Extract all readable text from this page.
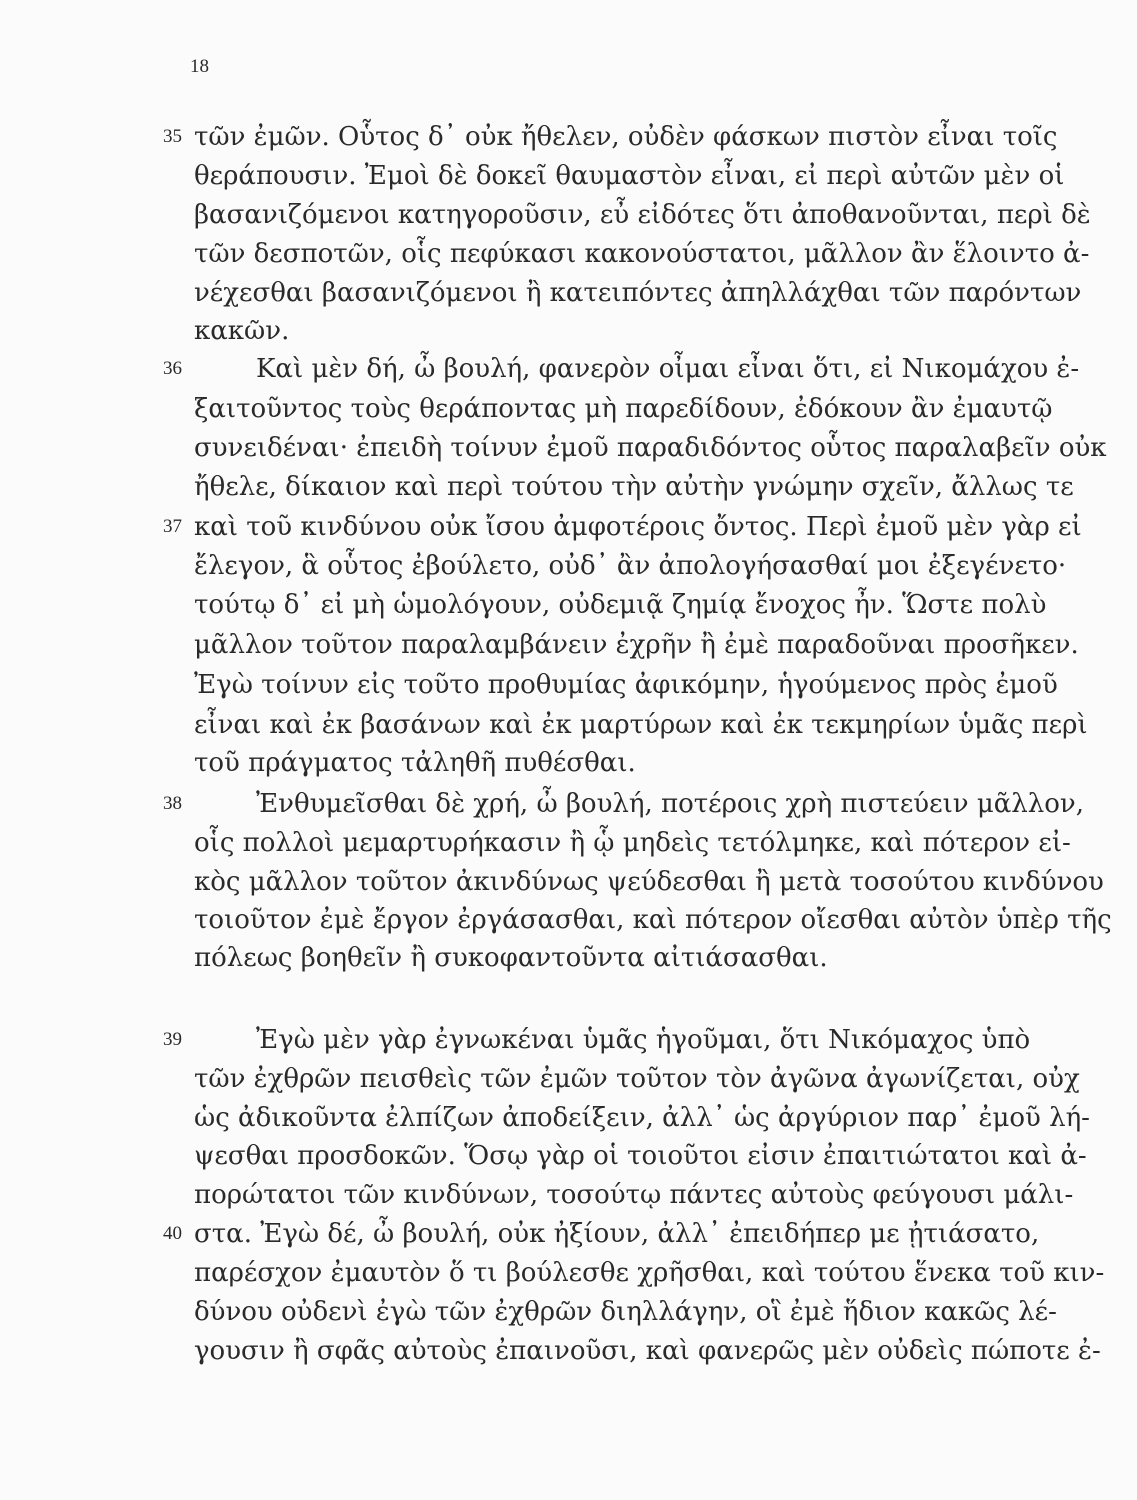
18
35
36
37
38
39
40
τῶν ἐμῶν. Οὗτος δ᾽ οὐκ ἤθελεν, οὐδὲν φάσκων πιστὸν εἶναι τοῖς
θεράπουσιν. Ἐμοὶ δὲ δοκεῖ θαυμαστὸν εἶναι, εἰ περὶ αὐτῶν μὲν οἱ
βασανιζόμενοι κατηγοροῦσιν, εὖ εἰδότες ὅτι ἀποθανοῦνται, περὶ δὲ
τῶν δεσποτῶν, οἷς πεφύκασι κακονούστατοι, μᾶλλον ἂν ἕλοιντο ἀ-
νέχεσθαι βασανιζόμενοι ἢ κατειπόντες ἀπηλλάχθαι τῶν παρόντων
κακῶν.
Καὶ μὲν δή, ὦ βουλή, φανερὸν οἶμαι εἶναι ὅτι, εἰ Νικομάχου ἐ-
ξαιτοῦντος τοὺς θεράποντας μὴ παρεδίδουν, ἐδόκουν ἂν ἐμαυτῷ
συνειδέναι· ἐπειδὴ τοίνυν ἐμοῦ παραδιδόντος οὗτος παραλαβεῖν οὐκ
ἤθελε, δίκαιον καὶ περὶ τούτου τὴν αὐτὴν γνώμην σχεῖν, ἄλλως τε
καὶ τοῦ κινδύνου οὐκ ἴσου ἀμφοτέροις ὄντος. Περὶ ἐμοῦ μὲν γὰρ εἰ
ἔλεγον, ἃ οὗτος ἐβούλετο, οὐδ᾽ ἂν ἀπολογήσασθαί μοι ἐξεγένετο·
τούτῳ δ᾽ εἰ μὴ ὡμολόγουν, οὐδεμιᾷ ζημίᾳ ἔνοχος ἦν. Ὥστε πολὺ
μᾶλλον τοῦτον παραλαμβάνειν ἐχρῆν ἢ ἐμὲ παραδοῦναι προσῆκεν.
Ἐγὼ τοίνυν εἰς τοῦτο προθυμίας ἀφικόμην, ἡγούμενος πρὸς ἐμοῦ
εἶναι καὶ ἐκ βασάνων καὶ ἐκ μαρτύρων καὶ ἐκ τεκμηρίων ὑμᾶς περὶ
τοῦ πράγματος τἀληθῆ πυθέσθαι.
Ἐνθυμεῖσθαι δὲ χρή, ὦ βουλή, ποτέροις χρὴ πιστεύειν μᾶλλον,
οἷς πολλοὶ μεμαρτυρήκασιν ἢ ᾧ μηδεὶς τετόλμηκε, καὶ πότερον εἰ-
κὸς μᾶλλον τοῦτον ἀκινδύνως ψεύδεσθαι ἢ μετὰ τοσούτου κινδύνου
τοιοῦτον ἐμὲ ἔργον ἐργάσασθαι, καὶ πότερον οἴεσθαι αὐτὸν ὑπὲρ τῆς
πόλεως βοηθεῖν ἢ συκοφαντοῦντα αἰτιάσασθαι.
Ἐγὼ μὲν γὰρ ἐγνωκέναι ὑμᾶς ἡγοῦμαι, ὅτι Νικόμαχος ὑπὸ
τῶν ἐχθρῶν πεισθεὶς τῶν ἐμῶν τοῦτον τὸν ἀγῶνα ἀγωνίζεται, οὐχ
ὡς ἀδικοῦντα ἐλπίζων ἀποδείξειν, ἀλλ᾽ ὡς ἀργύριον παρ᾽ ἐμοῦ λή-
ψεσθαι προσδοκῶν. Ὅσῳ γὰρ οἱ τοιοῦτοι εἰσιν ἐπαιτιώτατοι καὶ ἀ-
πορώτατοι τῶν κινδύνων, τοσούτῳ πάντες αὐτοὺς φεύγουσι μάλι-
στα. Ἐγὼ δέ, ὦ βουλή, οὐκ ἠξίουν, ἀλλ᾽ ἐπειδήπερ με ᾐτιάσατο,
παρέσχον ἐμαυτὸν ὅ τι βούλεσθε χρῆσθαι, καὶ τούτου ἕνεκα τοῦ κιν-
δύνου οὐδενὶ ἐγὼ τῶν ἐχθρῶν διηλλάγην, οἳ ἐμὲ ἥδιον κακῶς λέ-
γουσιν ἢ σφᾶς αὐτοὺς ἐπαινοῦσι, καὶ φανερῶς μὲν οὐδεὶς πώποτε ἐ-
